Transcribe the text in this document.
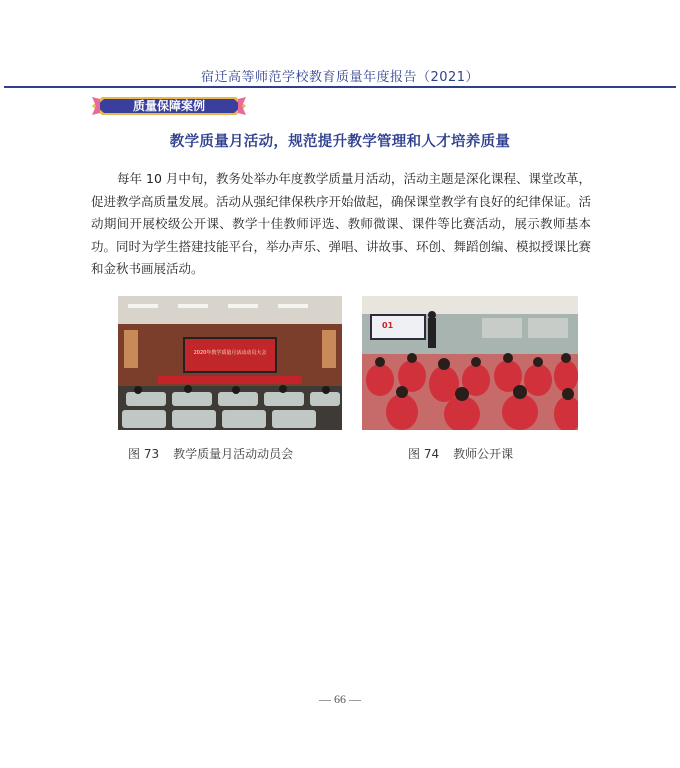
宿迁高等师范学校教育质量年度报告（2021）
质量保障案例
教学质量月活动，规范提升教学管理和人才培养质量

每年 10 月中旬，教务处举办年度教学质量月活动，活动主题是深化课程、课堂改革，促进教学高质量发展。活动从强纪律保秩序开始做起，确保课堂教学有良好的纪律保证。活动期间开展校级公开课、教学十佳教师评选、教师微课、课件等比赛活动，展示教师基本功。同时为学生搭建技能平台，举办声乐、弹唱、讲故事、环创、舞蹈创编、模拟授课比赛和金秋书画展活动。

2020年教学质量月活动动员大会
01
图 73 教学质量月活动动员会	图 74 教师公开课
— 66 —
